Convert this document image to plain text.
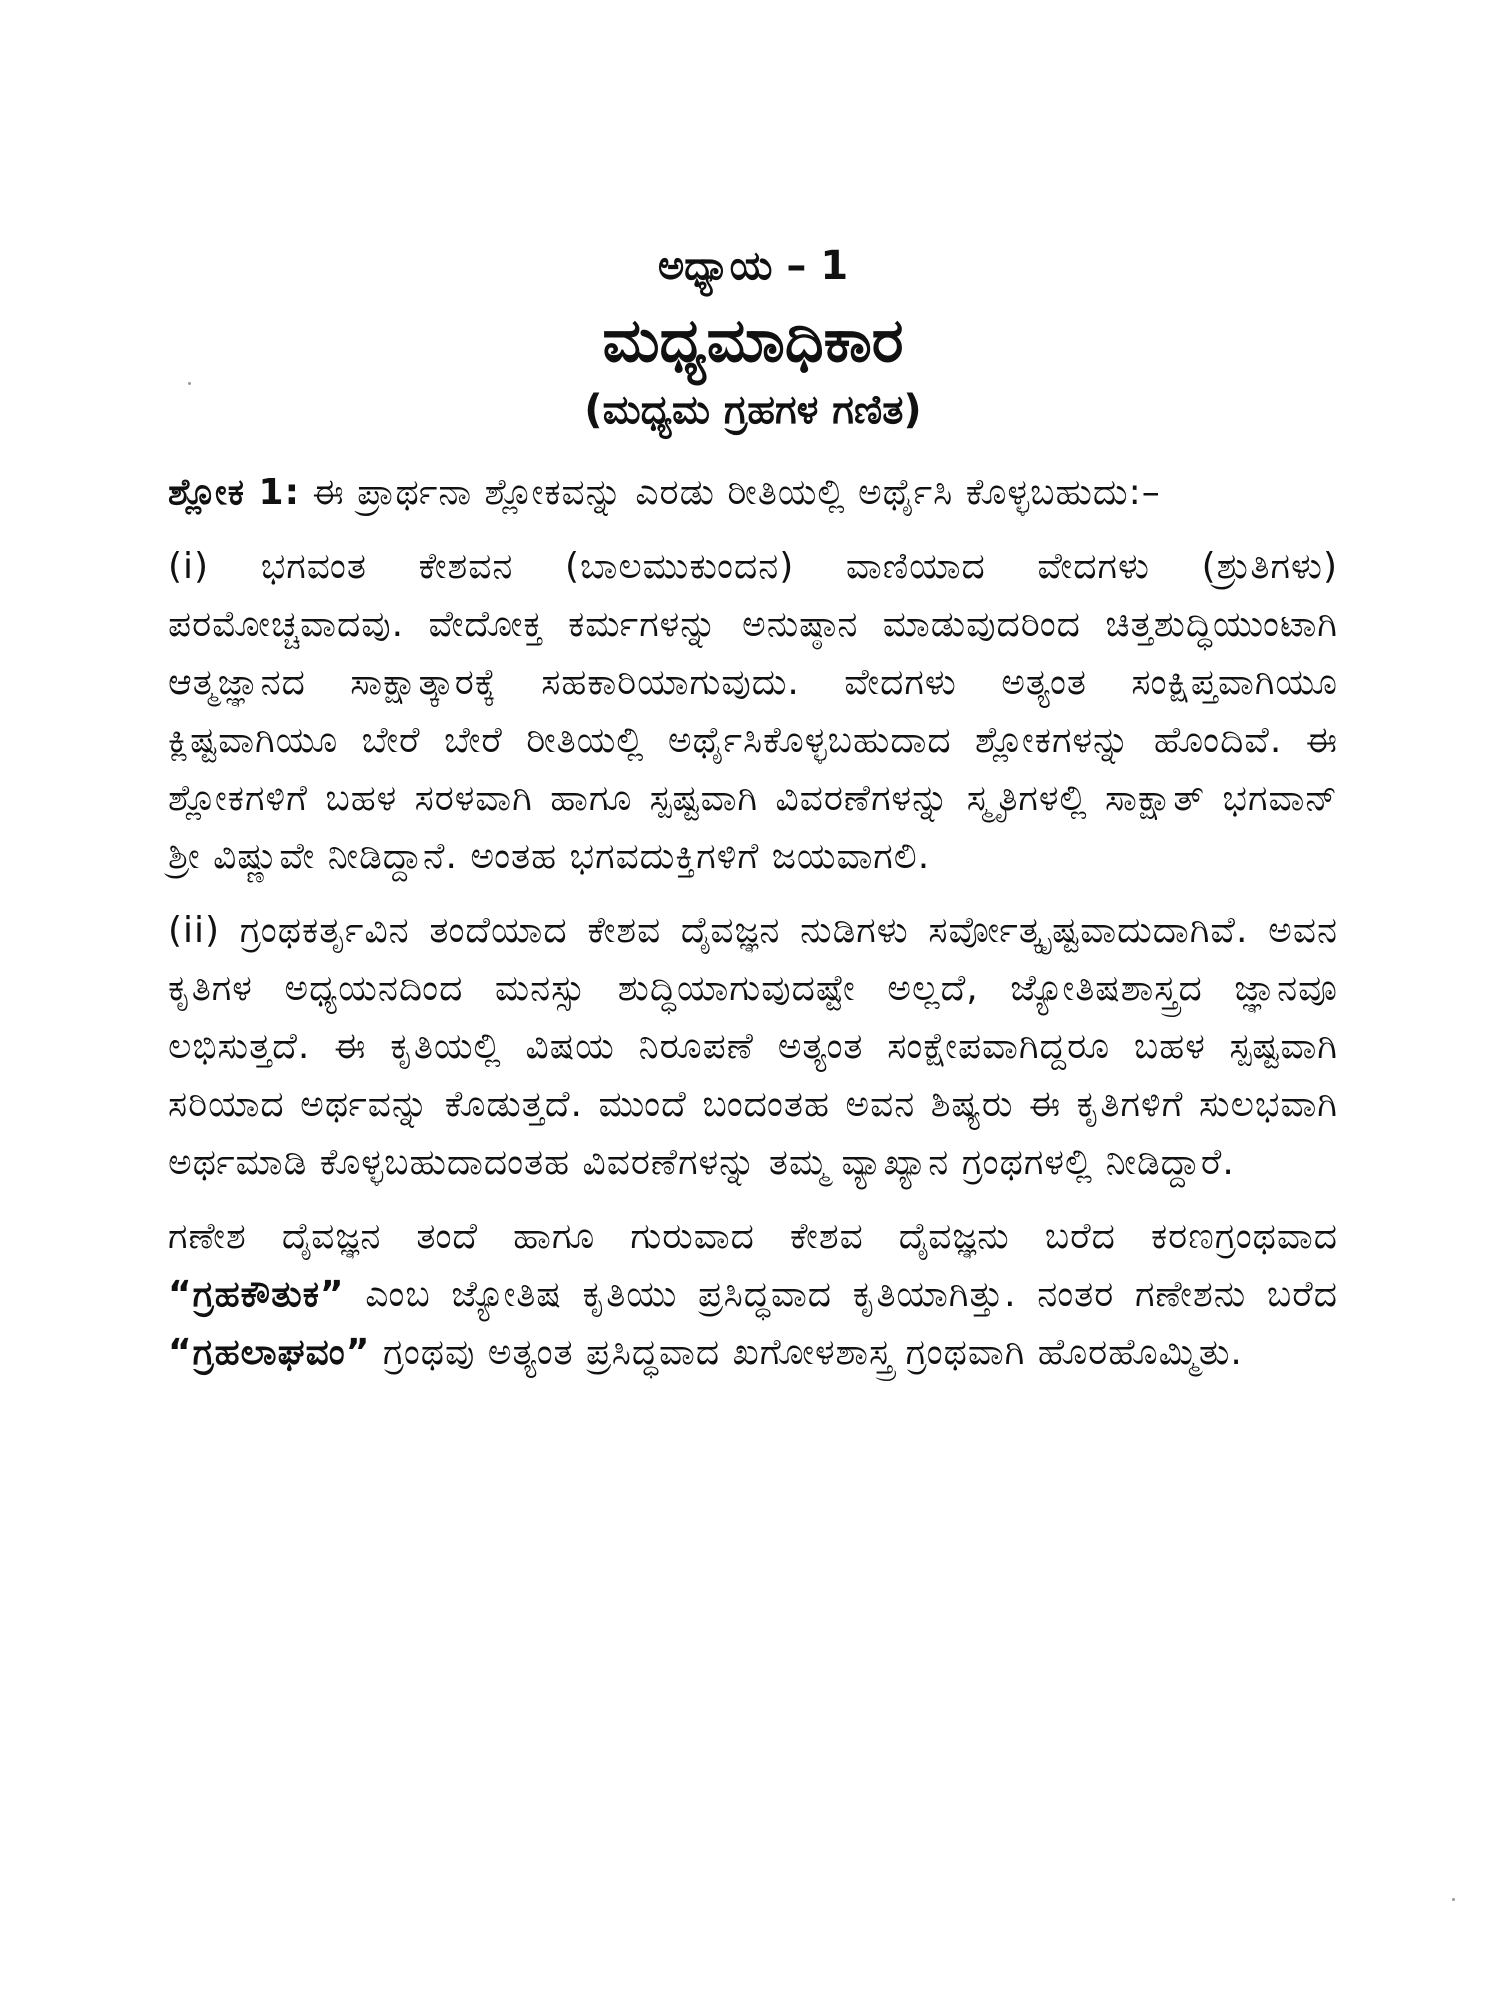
ಅಧ್ಯಾಯ – 1
ಮಧ್ಯಮಾಧಿಕಾರ
(ಮಧ್ಯಮ ಗ್ರಹಗಳ ಗಣಿತ)

ಶ್ಲೋಕ 1: ಈ ಪ್ರಾರ್ಥನಾ ಶ್ಲೋಕವನ್ನು ಎರಡು ರೀತಿಯಲ್ಲಿ ಅರ್ಥೈಸಿ ಕೊಳ್ಳಬಹುದು:–

(i) ಭಗವಂತ ಕೇಶವನ (ಬಾಲಮುಕುಂದನ) ವಾಣಿಯಾದ ವೇದಗಳು (ಶ್ರುತಿಗಳು) ಪರಮೋಚ್ಚವಾದವು. ವೇದೋಕ್ತ ಕರ್ಮಗಳನ್ನು ಅನುಷ್ಠಾನ ಮಾಡುವುದರಿಂದ ಚಿತ್ತಶುದ್ಧಿಯುಂಟಾಗಿ ಆತ್ಮಜ್ಞಾನದ ಸಾಕ್ಷಾತ್ಕಾರಕ್ಕೆ ಸಹಕಾರಿಯಾಗುವುದು. ವೇದಗಳು ಅತ್ಯಂತ ಸಂಕ್ಷಿಪ್ತವಾಗಿಯೂ ಕ್ಲಿಷ್ಟವಾಗಿಯೂ ಬೇರೆ ಬೇರೆ ರೀತಿಯಲ್ಲಿ ಅರ್ಥೈಸಿಕೊಳ್ಳಬಹುದಾದ ಶ್ಲೋಕಗಳನ್ನು ಹೊಂದಿವೆ. ಈ ಶ್ಲೋಕಗಳಿಗೆ ಬಹಳ ಸರಳವಾಗಿ ಹಾಗೂ ಸ್ಪಷ್ಟವಾಗಿ ವಿವರಣೆಗಳನ್ನು ಸ್ಮೃತಿಗಳಲ್ಲಿ ಸಾಕ್ಷಾತ್ ಭಗವಾನ್ ಶ್ರೀ ವಿಷ್ಣುವೇ ನೀಡಿದ್ದಾನೆ. ಅಂತಹ ಭಗವದುಕ್ತಿಗಳಿಗೆ ಜಯವಾಗಲಿ.

(ii) ಗ್ರಂಥಕರ್ತೃವಿನ ತಂದೆಯಾದ ಕೇಶವ ದೈವಜ್ಞನ ನುಡಿಗಳು ಸರ್ವೋತ್ಕೃಷ್ಟವಾದುದಾಗಿವೆ. ಅವನ ಕೃತಿಗಳ ಅಧ್ಯಯನದಿಂದ ಮನಸ್ಸು ಶುದ್ಧಿಯಾಗುವುದಷ್ಟೇ ಅಲ್ಲದೆ, ಜ್ಯೋತಿಷಶಾಸ್ತ್ರದ ಜ್ಞಾನವೂ ಲಭಿಸುತ್ತದೆ. ಈ ಕೃತಿಯಲ್ಲಿ ವಿಷಯ ನಿರೂಪಣೆ ಅತ್ಯಂತ ಸಂಕ್ಷೇಪವಾಗಿದ್ದರೂ ಬಹಳ ಸ್ಪಷ್ಟವಾಗಿ ಸರಿಯಾದ ಅರ್ಥವನ್ನು ಕೊಡುತ್ತದೆ. ಮುಂದೆ ಬಂದಂತಹ ಅವನ ಶಿಷ್ಯರು ಈ ಕೃತಿಗಳಿಗೆ ಸುಲಭವಾಗಿ ಅರ್ಥಮಾಡಿ ಕೊಳ್ಳಬಹುದಾದಂತಹ ವಿವರಣೆಗಳನ್ನು ತಮ್ಮ ವ್ಯಾಖ್ಯಾನ ಗ್ರಂಥಗಳಲ್ಲಿ ನೀಡಿದ್ದಾರೆ.

ಗಣೇಶ ದೈವಜ್ಞನ ತಂದೆ ಹಾಗೂ ಗುರುವಾದ ಕೇಶವ ದೈವಜ್ಞನು ಬರೆದ ಕರಣಗ್ರಂಥವಾದ “ಗ್ರಹಕೌತುಕ” ಎಂಬ ಜ್ಯೋತಿಷ ಕೃತಿಯು ಪ್ರಸಿದ್ಧವಾದ ಕೃತಿಯಾಗಿತ್ತು. ನಂತರ ಗಣೇಶನು ಬರೆದ “ಗ್ರಹಲಾಘವಂ” ಗ್ರಂಥವು ಅತ್ಯಂತ ಪ್ರಸಿದ್ಧವಾದ ಖಗೋಳಶಾಸ್ತ್ರ ಗ್ರಂಥವಾಗಿ ಹೊರಹೊಮ್ಮಿತು.
